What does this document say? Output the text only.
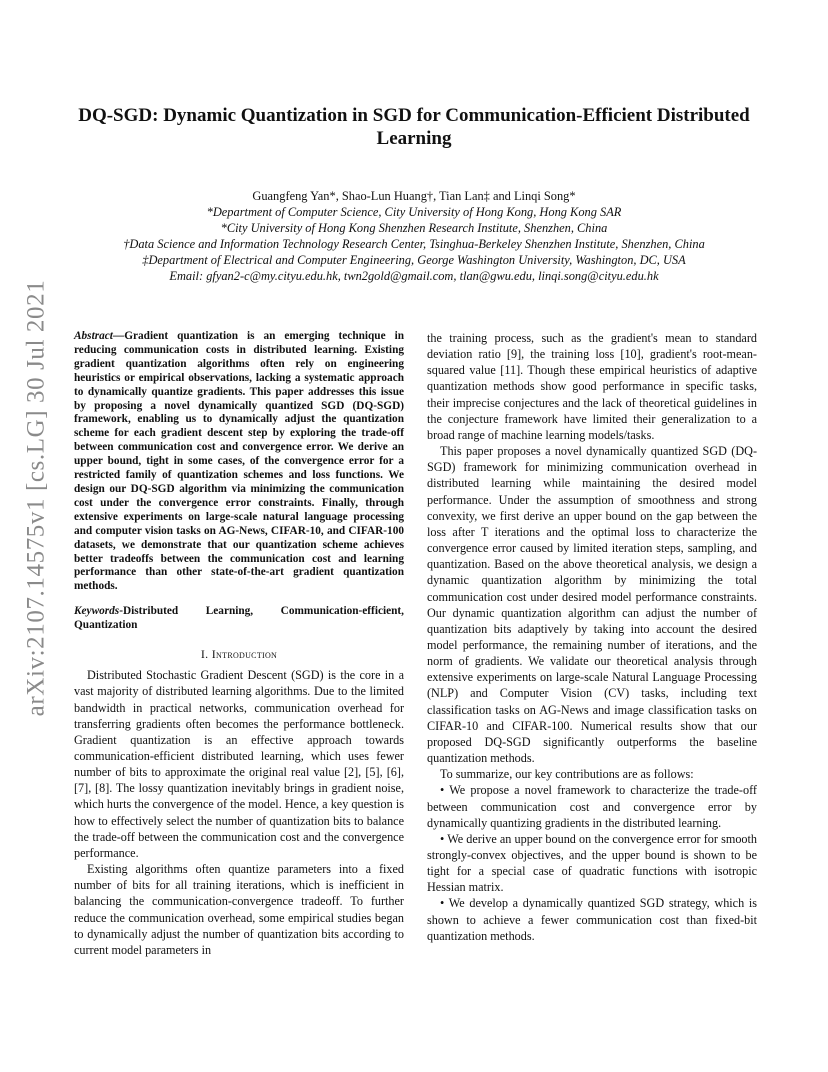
arXiv:2107.14575v1 [cs.LG] 30 Jul 2021
DQ-SGD: Dynamic Quantization in SGD for Communication-Efficient Distributed Learning
Guangfeng Yan*, Shao-Lun Huang†, Tian Lan‡ and Linqi Song*
*Department of Computer Science, City University of Hong Kong, Hong Kong SAR
*City University of Hong Kong Shenzhen Research Institute, Shenzhen, China
†Data Science and Information Technology Research Center, Tsinghua-Berkeley Shenzhen Institute, Shenzhen, China
‡Department of Electrical and Computer Engineering, George Washington University, Washington, DC, USA
Email: gfyan2-c@my.cityu.edu.hk, twn2gold@gmail.com, tlan@gwu.edu, linqi.song@cityu.edu.hk

Abstract—Gradient quantization is an emerging technique in reducing communication costs in distributed learning. Existing gradient quantization algorithms often rely on engineering heuristics or empirical observations, lacking a systematic approach to dynamically quantize gradients. This paper addresses this issue by proposing a novel dynamically quantized SGD (DQ-SGD) framework, enabling us to dynamically adjust the quantization scheme for each gradient descent step by exploring the trade-off between communication cost and convergence error. We derive an upper bound, tight in some cases, of the convergence error for a restricted family of quantization schemes and loss functions. We design our DQ-SGD algorithm via minimizing the communication cost under the convergence error constraints. Finally, through extensive experiments on large-scale natural language processing and computer vision tasks on AG-News, CIFAR-10, and CIFAR-100 datasets, we demonstrate that our quantization scheme achieves better tradeoffs between the communication cost and learning performance than other state-of-the-art gradient quantization methods.

Keywords-Distributed Learning, Communication-efficient, Quantization

I. Introduction

Distributed Stochastic Gradient Descent (SGD) is the core in a vast majority of distributed learning algorithms. Due to the limited bandwidth in practical networks, communication overhead for transferring gradients often becomes the performance bottleneck. Gradient quantization is an effective approach towards communication-efficient distributed learning, which uses fewer number of bits to approximate the original real value [2], [5], [6], [7], [8]. The lossy quantization inevitably brings in gradient noise, which hurts the convergence of the model. Hence, a key question is how to effectively select the number of quantization bits to balance the trade-off between the communication cost and the convergence performance.

Existing algorithms often quantize parameters into a fixed number of bits for all training iterations, which is inefficient in balancing the communication-convergence tradeoff. To further reduce the communication overhead, some empirical studies began to dynamically adjust the number of quantization bits according to current model parameters in

the training process, such as the gradient's mean to standard deviation ratio [9], the training loss [10], gradient's root-mean-squared value [11]. Though these empirical heuristics of adaptive quantization methods show good performance in specific tasks, their imprecise conjectures and the lack of theoretical guidelines in the conjecture framework have limited their generalization to a broad range of machine learning models/tasks.

This paper proposes a novel dynamically quantized SGD (DQ-SGD) framework for minimizing communication overhead in distributed learning while maintaining the desired model performance. Under the assumption of smoothness and strong convexity, we first derive an upper bound on the gap between the loss after T iterations and the optimal loss to characterize the convergence error caused by limited iteration steps, sampling, and quantization. Based on the above theoretical analysis, we design a dynamic quantization algorithm by minimizing the total communication cost under desired model performance constraints. Our dynamic quantization algorithm can adjust the number of quantization bits adaptively by taking into account the desired model performance, the remaining number of iterations, and the norm of gradients. We validate our theoretical analysis through extensive experiments on large-scale Natural Language Processing (NLP) and Computer Vision (CV) tasks, including text classification tasks on AG-News and image classification tasks on CIFAR-10 and CIFAR-100. Numerical results show that our proposed DQ-SGD significantly outperforms the baseline quantization methods.

To summarize, our key contributions are as follows:

• We propose a novel framework to characterize the trade-off between communication cost and convergence error by dynamically quantizing gradients in the distributed learning.

• We derive an upper bound on the convergence error for smooth strongly-convex objectives, and the upper bound is shown to be tight for a special case of quadratic functions with isotropic Hessian matrix.

• We develop a dynamically quantized SGD strategy, which is shown to achieve a fewer communication cost than fixed-bit quantization methods.
